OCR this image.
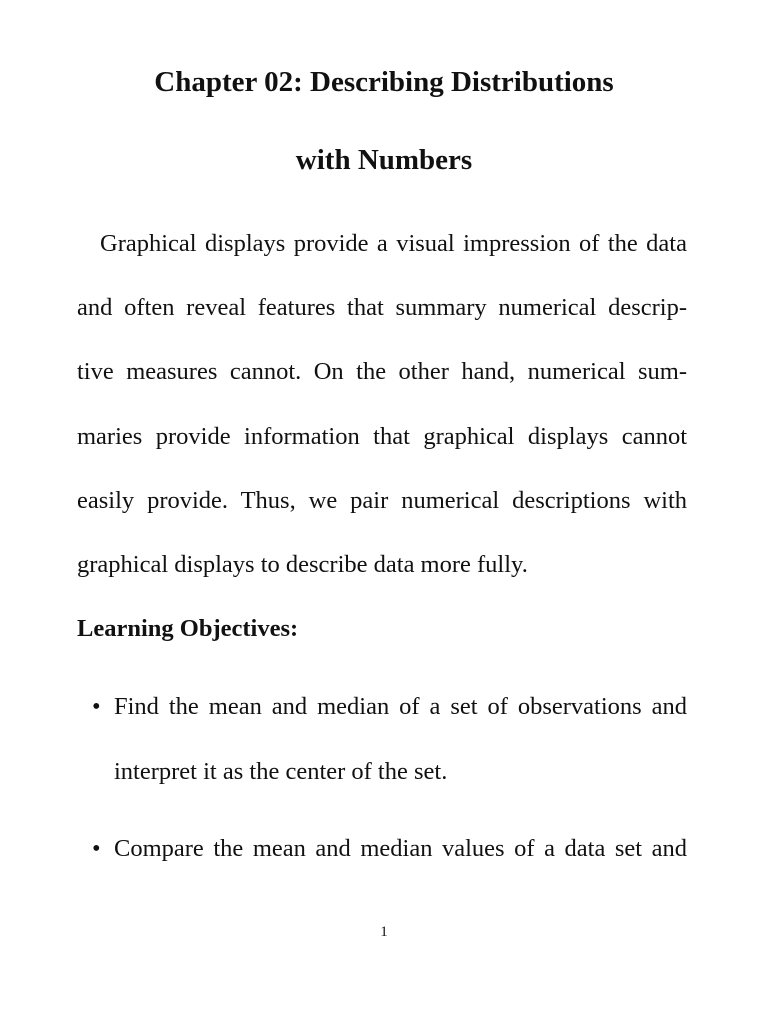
Chapter 02: Describing Distributions
with Numbers
Graphical displays provide a visual impression of the data
and often reveal features that summary numerical descrip-
tive measures cannot. On the other hand, numerical sum-
maries provide information that graphical displays cannot
easily provide. Thus, we pair numerical descriptions with
graphical displays to describe data more fully.
Learning Objectives:
• Find the mean and median of a set of observations and
interpret it as the center of the set.
• Compare the mean and median values of a data set and
1
